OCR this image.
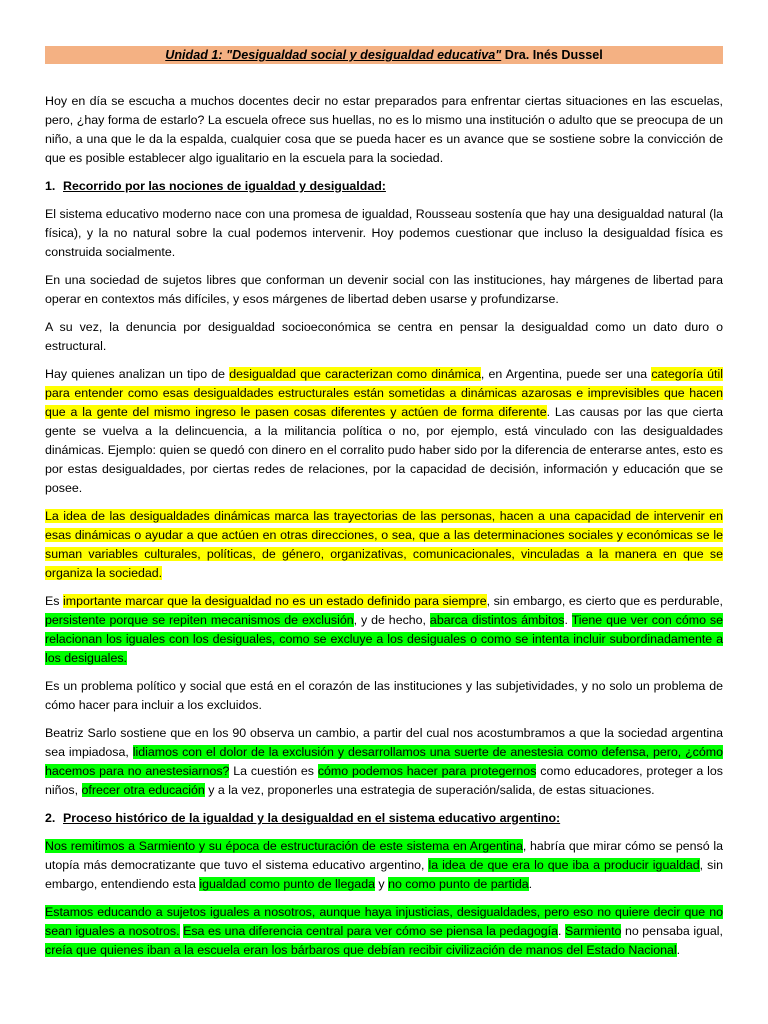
Unidad 1: "Desigualdad social y desigualdad educativa" Dra. Inés Dussel

Hoy en día se escucha a muchos docentes decir no estar preparados para enfrentar ciertas situaciones en las escuelas, pero, ¿hay forma de estarlo? La escuela ofrece sus huellas, no es lo mismo una institución o adulto que se preocupa de un niño, a una que le da la espalda, cualquier cosa que se pueda hacer es un avance que se sostiene sobre la convicción de que es posible establecer algo igualitario en la escuela para la sociedad.

1. Recorrido por las nociones de igualdad y desigualdad:

El sistema educativo moderno nace con una promesa de igualdad, Rousseau sostenía que hay una desigualdad natural (la física), y la no natural sobre la cual podemos intervenir. Hoy podemos cuestionar que incluso la desigualdad física es construida socialmente.

En una sociedad de sujetos libres que conforman un devenir social con las instituciones, hay márgenes de libertad para operar en contextos más difíciles, y esos márgenes de libertad deben usarse y profundizarse.

A su vez, la denuncia por desigualdad socioeconómica se centra en pensar la desigualdad como un dato duro o estructural.

Hay quienes analizan un tipo de desigualdad que caracterizan como dinámica, en Argentina, puede ser una categoría útil para entender como esas desigualdades estructurales están sometidas a dinámicas azarosas e imprevisibles que hacen que a la gente del mismo ingreso le pasen cosas diferentes y actúen de forma diferente. Las causas por las que cierta gente se vuelva a la delincuencia, a la militancia política o no, por ejemplo, está vinculado con las desigualdades dinámicas. Ejemplo: quien se quedó con dinero en el corralito pudo haber sido por la diferencia de enterarse antes, esto es por estas desigualdades, por ciertas redes de relaciones, por la capacidad de decisión, información y educación que se posee.

La idea de las desigualdades dinámicas marca las trayectorias de las personas, hacen a una capacidad de intervenir en esas dinámicas o ayudar a que actúen en otras direcciones, o sea, que a las determinaciones sociales y económicas se le suman variables culturales, políticas, de género, organizativas, comunicacionales, vinculadas a la manera en que se organiza la sociedad.

Es importante marcar que la desigualdad no es un estado definido para siempre, sin embargo, es cierto que es perdurable, persistente porque se repiten mecanismos de exclusión, y de hecho, abarca distintos ámbitos. Tiene que ver con cómo se relacionan los iguales con los desiguales, como se excluye a los desiguales o como se intenta incluir subordinadamente a los desiguales.

Es un problema político y social que está en el corazón de las instituciones y las subjetividades, y no solo un problema de cómo hacer para incluir a los excluidos.

Beatriz Sarlo sostiene que en los 90 observa un cambio, a partir del cual nos acostumbramos a que la sociedad argentina sea impiadosa, lidiamos con el dolor de la exclusión y desarrollamos una suerte de anestesia como defensa, pero, ¿cómo hacemos para no anestesiarnos? La cuestión es cómo podemos hacer para protegernos como educadores, proteger a los niños, ofrecer otra educación y a la vez, proponerles una estrategia de superación/salida, de estas situaciones.

2. Proceso histórico de la igualdad y la desigualdad en el sistema educativo argentino:

Nos remitimos a Sarmiento y su época de estructuración de este sistema en Argentina, habría que mirar cómo se pensó la utopía más democratizante que tuvo el sistema educativo argentino, la idea de que era lo que iba a producir igualdad, sin embargo, entendiendo esta igualdad como punto de llegada y no como punto de partida.

Estamos educando a sujetos iguales a nosotros, aunque haya injusticias, desigualdades, pero eso no quiere decir que no sean iguales a nosotros. Esa es una diferencia central para ver cómo se piensa la pedagogía. Sarmiento no pensaba igual, creía que quienes iban a la escuela eran los bárbaros que debían recibir civilización de manos del Estado Nacional.
